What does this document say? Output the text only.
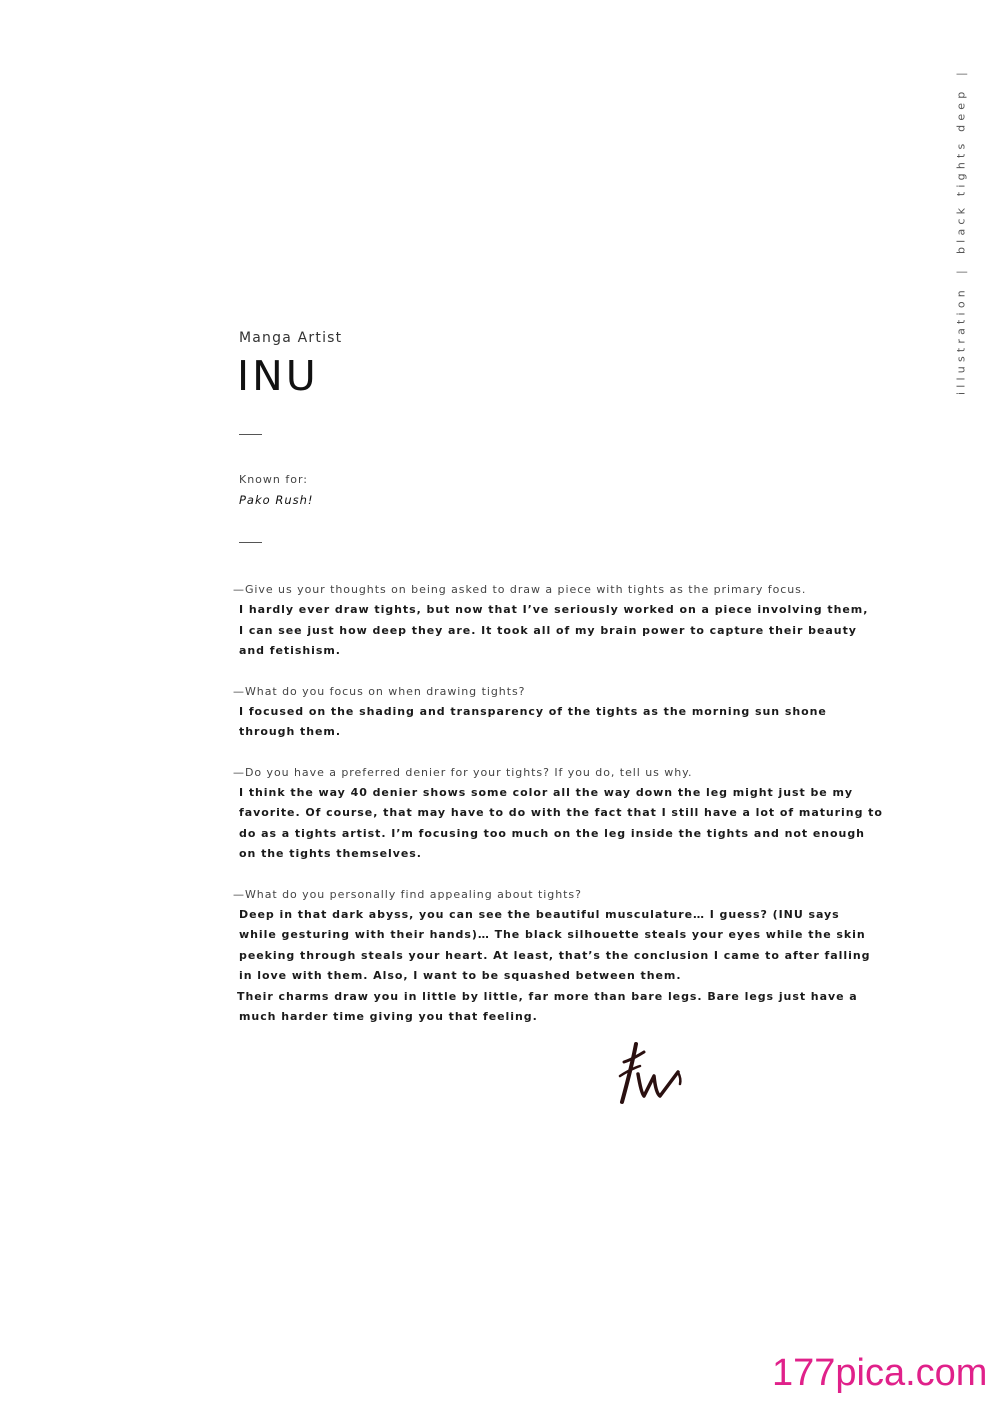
illustration
|
black tights deep
|
Manga Artist
INU
Known for:
Pako Rush!
—Give us your thoughts on being asked to draw a piece with tights as the primary focus.
I hardly ever draw tights, but now that I’ve seriously worked on a piece involving them,
I can see just how deep they are. It took all of my brain power to capture their beauty
and fetishism.
—What do you focus on when drawing tights?
I focused on the shading and transparency of the tights as the morning sun shone
through them.
—Do you have a preferred denier for your tights? If you do, tell us why.
I think the way 40 denier shows some color all the way down the leg might just be my
favorite. Of course, that may have to do with the fact that I still have a lot of maturing to
do as a tights artist. I’m focusing too much on the leg inside the tights and not enough
on the tights themselves.
—What do you personally find appealing about tights?
Deep in that dark abyss, you can see the beautiful musculature… I guess? (INU says
while gesturing with their hands)… The black silhouette steals your eyes while the skin
peeking through steals your heart. At least, that’s the conclusion I came to after falling
in love with them. Also, I want to be squashed between them.
Their charms draw you in little by little, far more than bare legs. Bare legs just have a
much harder time giving you that feeling.
177pica.com
